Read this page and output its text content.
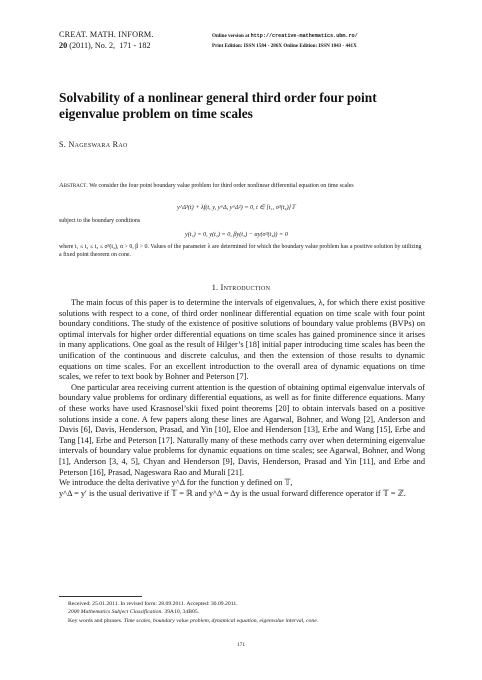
CREAT. MATH. INFORM.
20 (2011), No. 2, 171 - 182
Online version at http://creative-mathematics.ubm.ro/
Print Edition: ISSN 1584 - 286X Online Edition: ISSN 1843 - 441X
Solvability of a nonlinear general third order four point eigenvalue problem on time scales
S. Nageswara Rao
Abstract. We consider the four point boundary value problem for third order nonlinear differential equation on time scales
y^Δ³(t) + λf(t, y, y^Δ, y^Δ²) = 0, t ∈ [t₁, σ³(t₄)]𝕋
subject to the boundary conditions
y(t₁) = 0, y(t₂) = 0, βy(t₃) − αy(σ³(t₄)) = 0
where t₁ ≤ t₂ ≤ t₃ ≤ σ³(t₄), α > 0, β > 0. Values of the parameter λ are determined for which the boundary value problem has a positive solution by utilizing a fixed point theorem on cone.
1. Introduction

The main focus of this paper is to determine the intervals of eigenvalues, λ, for which there exist positive solutions with respect to a cone, of third order nonlinear differential equation on time scale with four point boundary conditions. The study of the existence of positive solutions of boundary value problems (BVPs) on optimal intervals for higher order differential equations on time scales has gained prominence since it arises in many applications. One goal as the result of Hilger’s [18] initial paper introducing time scales has been the unification of the continuous and discrete calculus, and then the extension of those results to dynamic equations on time scales. For an excellent introduction to the overall area of dynamic equations on time scales, we refer to text book by Bohner and Peterson [7].

One particular area receiving current attention is the question of obtaining optimal eigenvalue intervals of boundary value problems for ordinary differential equations, as well as for finite difference equations. Many of these works have used Krasnosel’skii fixed point theorems [20] to obtain intervals based on a positive solutions inside a cone. A few papers along these lines are Agarwal, Bohner, and Wong [2], Anderson and Davis [6], Davis, Henderson, Prasad, and Yin [10], Eloe and Henderson [13], Erbe and Wang [15], Erbe and Tang [14], Erbe and Peterson [17]. Naturally many of these methods carry over when determining eigenvalue intervals of boundary value problems for dynamic equations on time scales; see Agarwal, Bohner, and Wong [1], Anderson [3, 4, 5], Chyan and Henderson [9], Davis, Henderson, Prasad and Yin [11], and Erbe and Peterson [16], Prasad, Nageswara Rao and Murali [21].

We introduce the delta derivative y^Δ for the function y defined on 𝕋,

y^Δ = y′ is the usual derivative if 𝕋 = ℝ and y^Δ = Δy is the usual forward difference operator if 𝕋 = ℤ.

Received: 25.01.2011. In revised form: 28.09.2011. Accepted: 30.09.2011.
2000 Mathematics Subject Classification. 39A10, 34B05.
Key words and phrases. Time scales, boundary value problem, dynamical equation, eigenvalue interval, cone.
171
